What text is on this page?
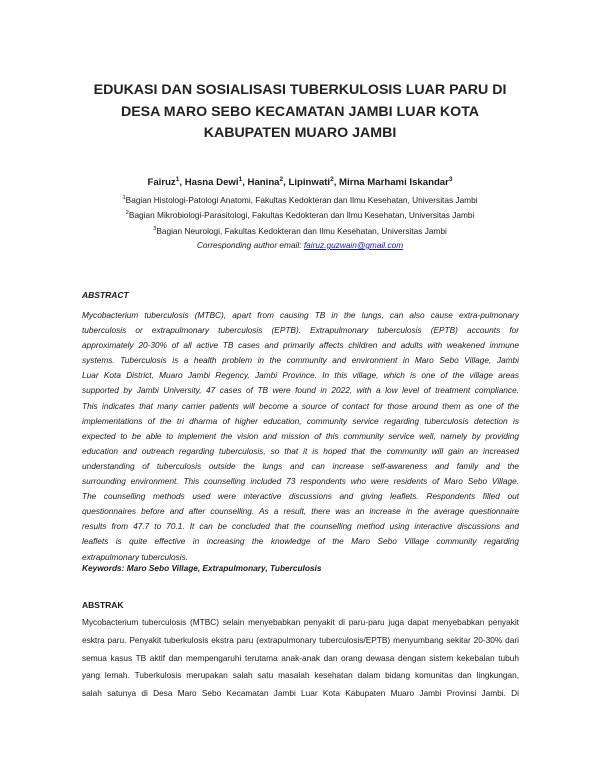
EDUKASI DAN SOSIALISASI TUBERKULOSIS LUAR PARU DI
DESA MARO SEBO KECAMATAN JAMBI LUAR KOTA
KABUPATEN MUARO JAMBI
Fairuz$^1$, Hasna Dewi$^1$, Hanina$^2$, Lipinwati$^2$, Mirna Marhami Iskandar$^3$
$^1$Bagian Histologi-Patologi Anatomi, Fakultas Kedokteran dan Ilmu Kesehatan, Universitas Jambi
$^2$Bagian Mikrobiologi-Parasitologi, Fakultas Kedokteran dan Ilmu Kesehatan, Universitas Jambi
$^3$Bagian Neurologi, Fakultas Kedokteran dan Ilmu Kesehatan, Universitas Jambi
Corresponding author email: fairuz.guzwain@gmail.com
ABSTRACT
Mycobacterium tuberculosis (MTBC), apart from causing TB in the lungs, can also cause extra-pulmonary
tuberculosis or extrapulmonary tuberculosis (EPTB). Extrapulmonary tuberculosis (EPTB) accounts for
approximately 20-30% of all active TB cases and primarily affects children and adults with weakened immune
systems. Tuberculosis is a health problem in the community and environment in Maro Sebo Village, Jambi
Luar Kota District, Muaro Jambi Regency, Jambi Province. In this village, which is one of the village areas
supported by Jambi University, 47 cases of TB were found in 2022, with a low level of treatment compliance.
This indicates that many carrier patients will become a source of contact for those around them as one of the
implementations of the tri dharma of higher education, community service regarding tuberculosis detection is
expected to be able to implement the vision and mission of this community service well, namely by providing
education and outreach regarding tuberculosis, so that it is hoped that the community will gain an increased
understanding of tuberculosis outside the lungs and can increase self-awareness and family and the
surrounding environment. This counselling included 73 respondents who were residents of Maro Sebo Village.
The counselling methods used were interactive discussions and giving leaflets. Respondents filled out
questionnaires before and after counselling. As a result, there was an increase in the average questionnaire
results from 47.7 to 70.1. It can be concluded that the counselling method using interactive discussions and
leaflets is quite effective in increasing the knowledge of the Maro Sebo Village community regarding
extrapulmonary tuberculosis.
Keywords: Maro Sebo Village, Extrapulmonary, Tuberculosis
ABSTRAK
Mycobacterium tuberculosis (MTBC) selain menyebabkan penyakit di paru-paru juga dapat menyebabkan penyakit
esktra paru. Penyakit tuberkulosis ekstra paru (extrapulmonary tuberculosis/EPTB) menyumbang sekitar 20-30% dari
semua kasus TB aktif dan mempengaruhi terutama anak-anak dan orang dewasa dengan sistem kekebalan tubuh
yang lemah. Tuberkulosis merupakan salah satu masalah kesehatan dalam bidang komunitas dan lingkungan,
salah satunya di Desa Maro Sebo Kecamatan Jambi Luar Kota Kabupaten Muaro Jambi Provinsi Jambi. Di
